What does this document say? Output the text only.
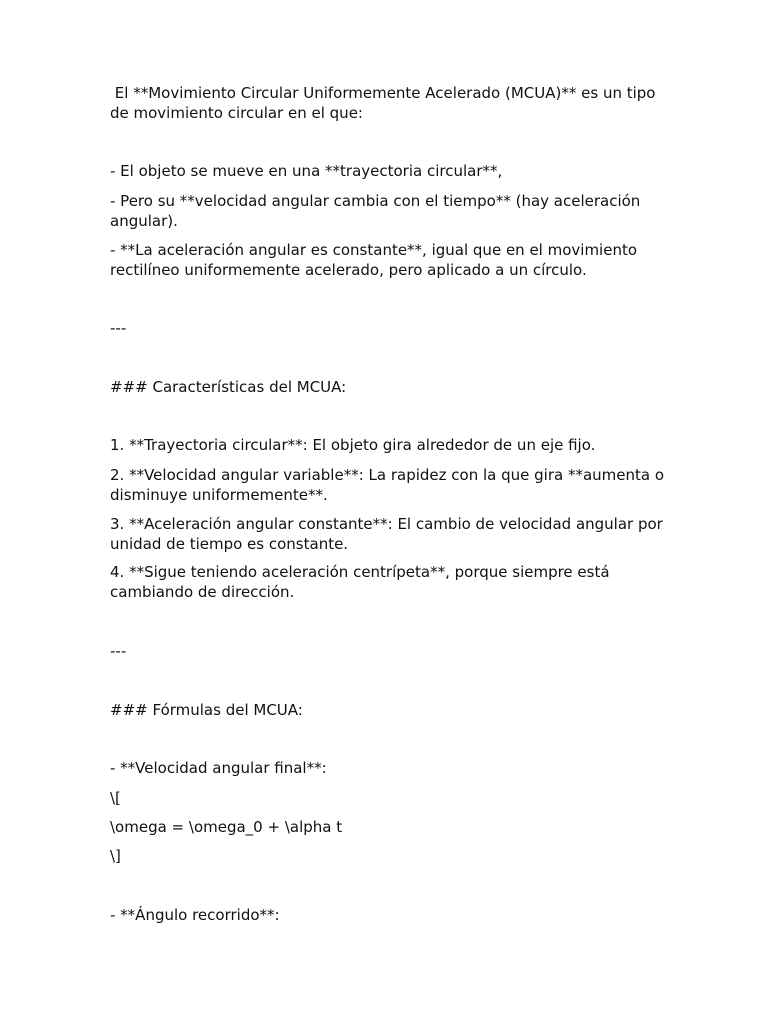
El **Movimiento Circular Uniformemente Acelerado (MCUA)** es un tipo de movimiento circular en el que:

- El objeto se mueve en una **trayectoria circular**,

- Pero su **velocidad angular cambia con el tiempo** (hay aceleración angular).

- **La aceleración angular es constante**, igual que en el movimiento rectilíneo uniformemente acelerado, pero aplicado a un círculo.

---

### Características del MCUA:

1. **Trayectoria circular**: El objeto gira alrededor de un eje fijo.

2. **Velocidad angular variable**: La rapidez con la que gira **aumenta o disminuye uniformemente**.

3. **Aceleración angular constante**: El cambio de velocidad angular por unidad de tiempo es constante.

4. **Sigue teniendo aceleración centrípeta**, porque siempre está cambiando de dirección.

---

### Fórmulas del MCUA:

- **Velocidad angular final**:

\[

\omega = \omega_0 + \alpha t

\]

- **Ángulo recorrido**:
